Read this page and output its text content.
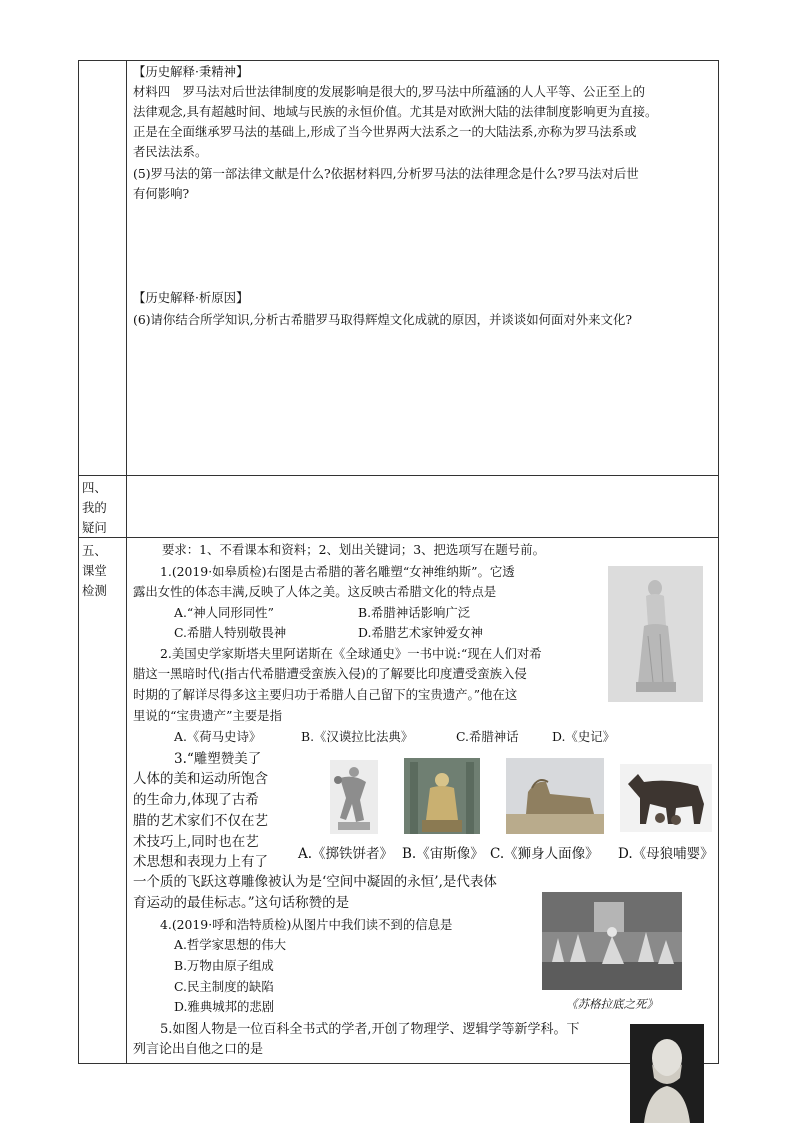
【历史解释·秉精神】
材料四　罗马法对后世法律制度的发展影响是很大的,罗马法中所蕴涵的人人平等、公正至上的
法律观念,具有超越时间、地域与民族的永恒价值。尤其是对欧洲大陆的法律制度影响更为直接。
正是在全面继承罗马法的基础上,形成了当今世界两大法系之一的大陆法系,亦称为罗马法系或
者民法法系。
(5)罗马法的第一部法律文献是什么?依据材料四,分析罗马法的法律理念是什么?罗马法对后世
有何影响?
【历史解释·析原因】
(6)请你结合所学知识,分析古希腊罗马取得辉煌文化成就的原因，并谈谈如何面对外来文化?
四、
我的
疑问
五、
课堂
检测
要求：1、不看课本和资料；2、划出关键词；3、把选项写在题号前。
1.(2019·如皋质检)右图是古希腊的著名雕塑“女神维纳斯”。它透
露出女性的体态丰满,反映了人体之美。这反映古希腊文化的特点是
A.“神人同形同性”	B.希腊神话影响广泛
C.希腊人特别敬畏神	D.希腊艺术家钟爱女神
2.美国史学家斯塔夫里阿诺斯在《全球通史》一书中说:“现在人们对希
腊这一黑暗时代(指古代希腊遭受蛮族入侵)的了解要比印度遭受蛮族入侵
时期的了解详尽得多这主要归功于希腊人自己留下的宝贵遗产。”他在这
里说的“宝贵遗产”主要是指
A.《荷马史诗》	B.《汉谟拉比法典》	C.希腊神话	D.《史记》
3.“雕塑赞美了
人体的美和运动所饱含
的生命力,体现了古希
腊的艺术家们不仅在艺
术技巧上,同时也在艺
术思想和表现力上有了 A.《掷铁饼者》 B.《宙斯像》 C.《狮身人面像》 D.《母狼哺婴》
一个质的飞跃这尊雕像被认为是‘空间中凝固的永恒’,是代表体
育运动的最佳标志。”这句话称赞的是
4.(2019·呼和浩特质检)从图片中我们读不到的信息是
A.哲学家思想的伟大
B.万物由原子组成
C.民主制度的缺陷
D.雅典城邦的悲剧	《苏格拉底之死》
5.如图人物是一位百科全书式的学者,开创了物理学、逻辑学等新学科。下
列言论出自他之口的是
